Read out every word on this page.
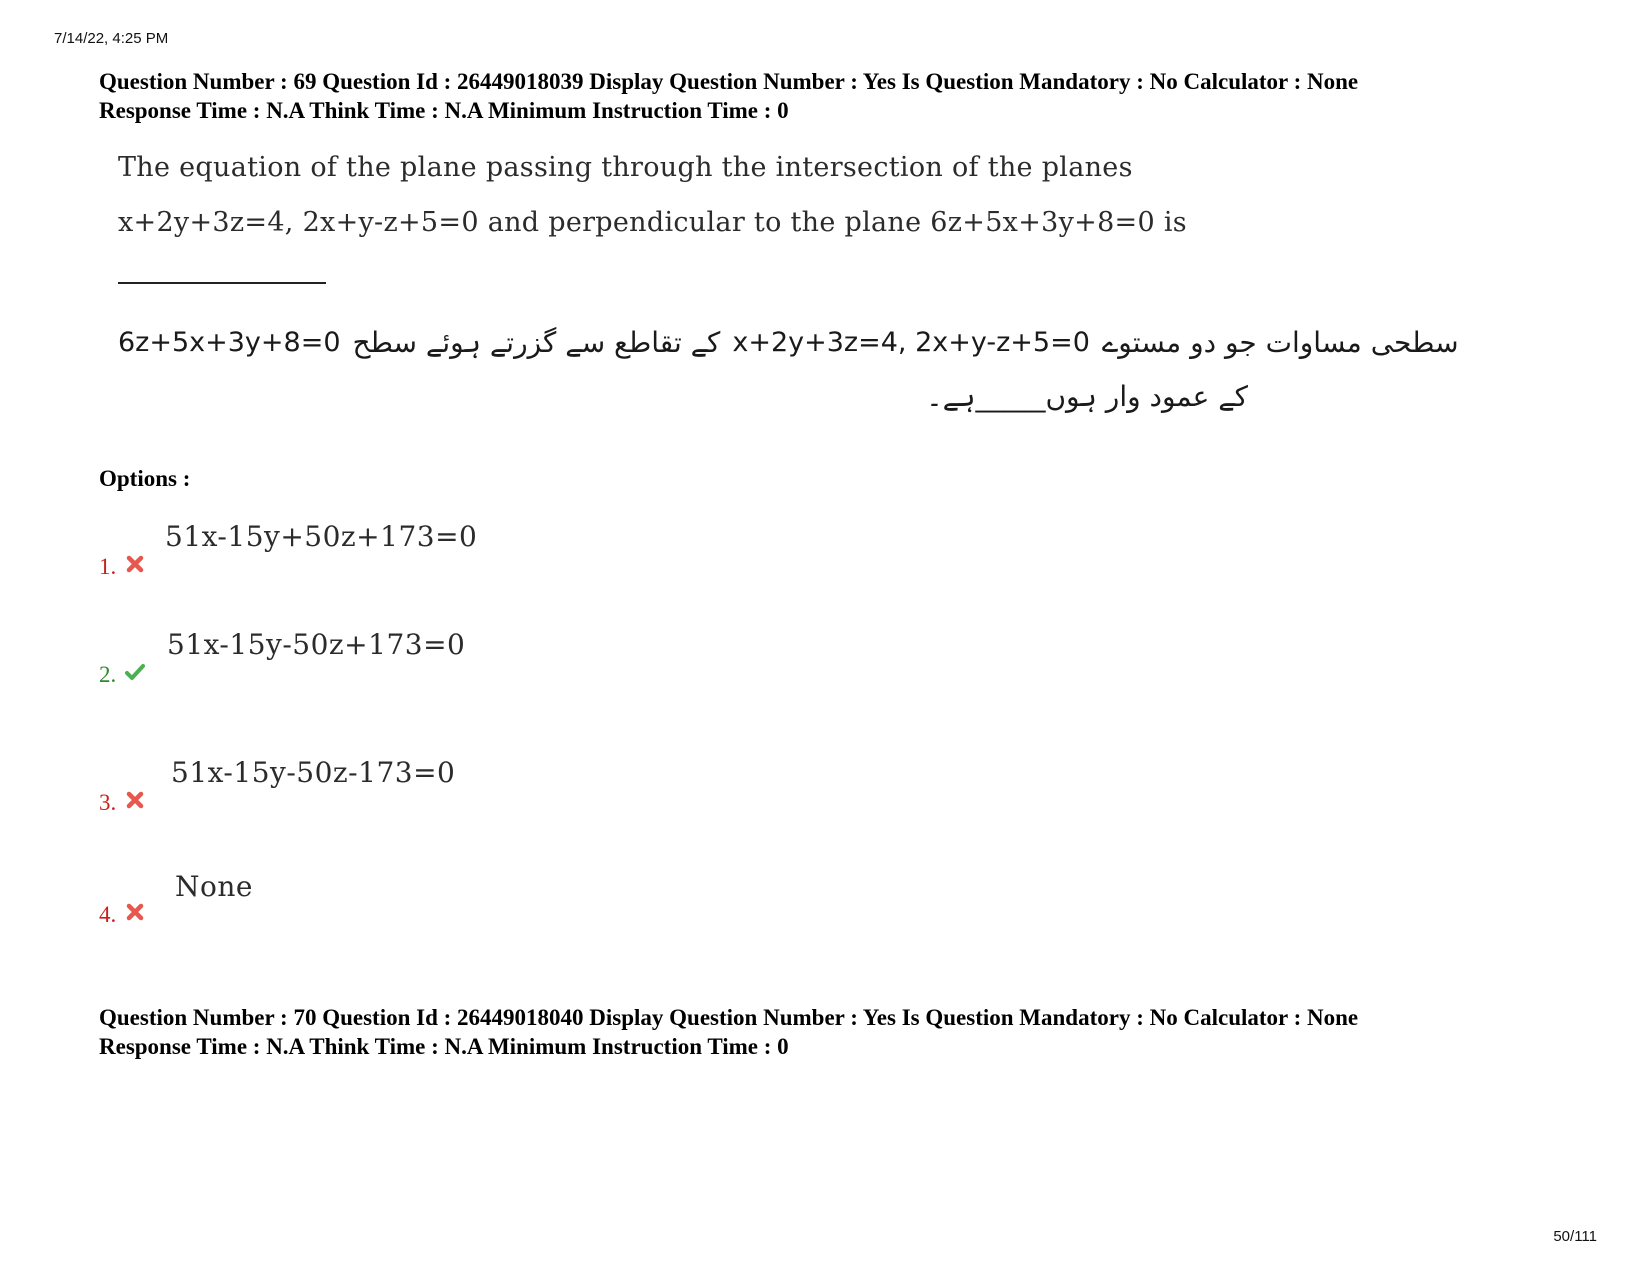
7/14/22, 4:25 PM
Question Number : 69 Question Id : 26449018039 Display Question Number : Yes Is Question Mandatory : No Calculator : None
Response Time : N.A Think Time : N.A Minimum Instruction Time : 0
The equation of the plane passing through the intersection of the planes
x+2y+3z=4, 2x+y-z+5=0 and perpendicular to the plane 6z+5x+3y+8=0 is
6z+5x+3y+8=0 کے تقاطع سے گزرتے ہوئے سطح x+2y+3z=4, 2x+y-z+5=0 سطحی مساوات جو دو مستوے
کے عمود وار ہوں_____ہے۔
Options :
1.
51x-15y+50z+173=0
2.
51x-15y-50z+173=0
3.
51x-15y-50z-173=0
4.
None
Question Number : 70 Question Id : 26449018040 Display Question Number : Yes Is Question Mandatory : No Calculator : None
Response Time : N.A Think Time : N.A Minimum Instruction Time : 0
50/111
